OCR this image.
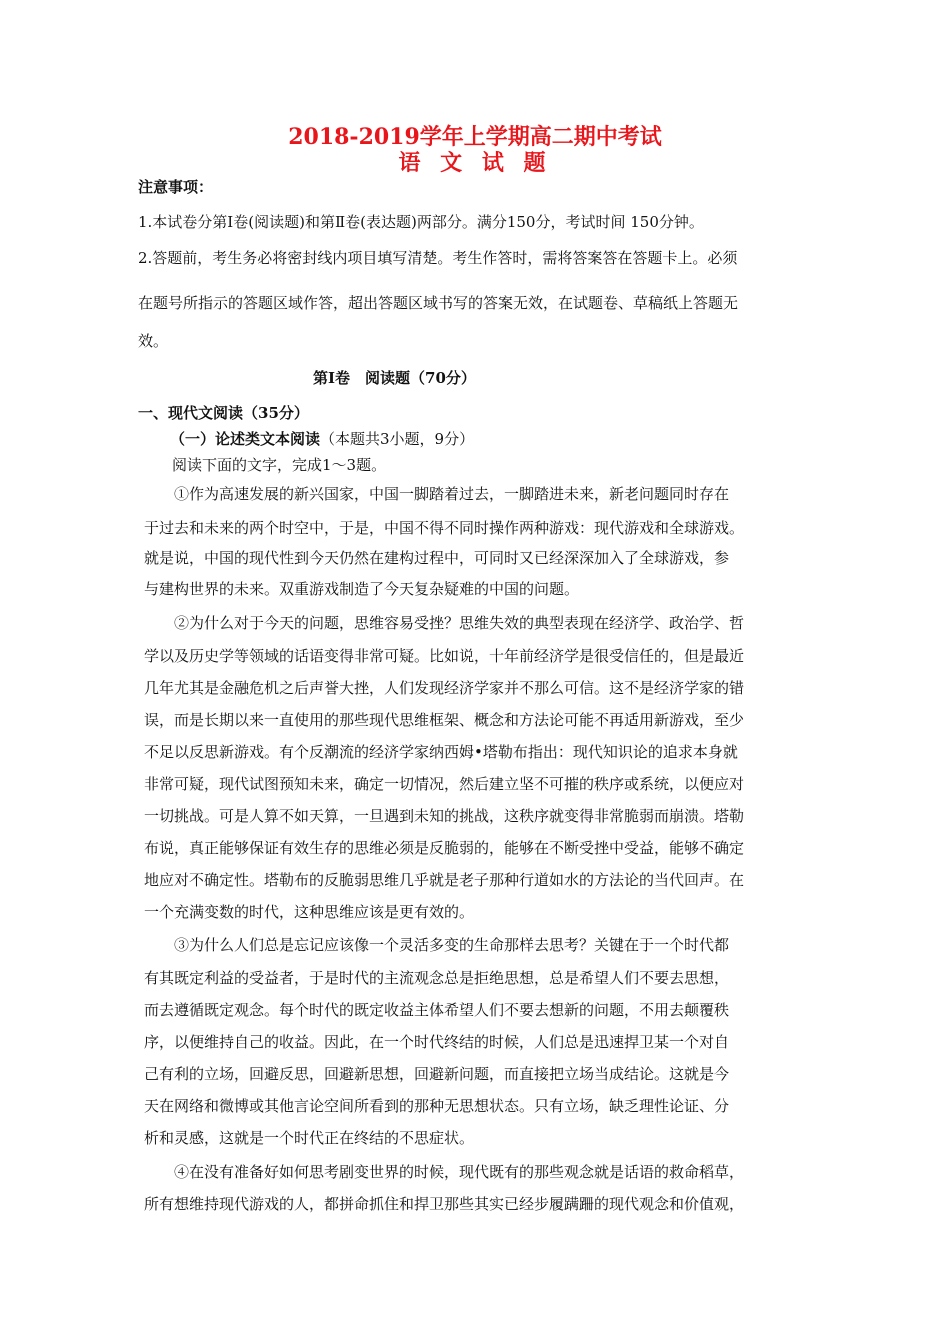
2018-2019学年上学期高二期中考试
语 文 试 题
注意事项：
1.本试卷分第Ⅰ卷(阅读题)和第Ⅱ卷(表达题)两部分。满分150分，考试时间 150分钟。
2.答题前，考生务必将密封线内项目填写清楚。考生作答时，需将答案答在答题卡上。必须
在题号所指示的答题区域作答，超出答题区域书写的答案无效，在试题卷、草稿纸上答题无
效。
第Ⅰ卷　阅读题（70分）
一、现代文阅读（35分）
（一）论述类文本阅读（本题共3小题，9分）
阅读下面的文字，完成1～3题。
①作为高速发展的新兴国家，中国一脚踏着过去，一脚踏进未来，新老问题同时存在
于过去和未来的两个时空中，于是，中国不得不同时操作两种游戏：现代游戏和全球游戏。
就是说，中国的现代性到今天仍然在建构过程中，可同时又已经深深加入了全球游戏，参
与建构世界的未来。双重游戏制造了今天复杂疑难的中国的问题。
②为什么对于今天的问题，思维容易受挫？思维失效的典型表现在经济学、政治学、哲
学以及历史学等领域的话语变得非常可疑。比如说，十年前经济学是很受信任的，但是最近
几年尤其是金融危机之后声誉大挫，人们发现经济学家并不那么可信。这不是经济学家的错
误，而是长期以来一直使用的那些现代思维框架、概念和方法论可能不再适用新游戏，至少
不足以反思新游戏。有个反潮流的经济学家纳西姆•塔勒布指出：现代知识论的追求本身就
非常可疑，现代试图预知未来，确定一切情况，然后建立坚不可摧的秩序或系统，以便应对
一切挑战。可是人算不如天算，一旦遇到未知的挑战，这秩序就变得非常脆弱而崩溃。塔勒
布说，真正能够保证有效生存的思维必须是反脆弱的，能够在不断受挫中受益，能够不确定
地应对不确定性。塔勒布的反脆弱思维几乎就是老子那种行道如水的方法论的当代回声。在
一个充满变数的时代，这种思维应该是更有效的。
③为什么人们总是忘记应该像一个灵活多变的生命那样去思考？关键在于一个时代都
有其既定利益的受益者，于是时代的主流观念总是拒绝思想，总是希望人们不要去思想，
而去遵循既定观念。每个时代的既定收益主体希望人们不要去想新的问题，不用去颠覆秩
序，以便维持自己的收益。因此，在一个时代终结的时候，人们总是迅速捍卫某一个对自
己有利的立场，回避反思，回避新思想，回避新问题，而直接把立场当成结论。这就是今
天在网络和微博或其他言论空间所看到的那种无思想状态。只有立场，缺乏理性论证、分
析和灵感，这就是一个时代正在终结的不思症状。
④在没有准备好如何思考剧变世界的时候，现代既有的那些观念就是话语的救命稻草，
所有想维持现代游戏的人，都拼命抓住和捍卫那些其实已经步履蹒跚的现代观念和价值观，
